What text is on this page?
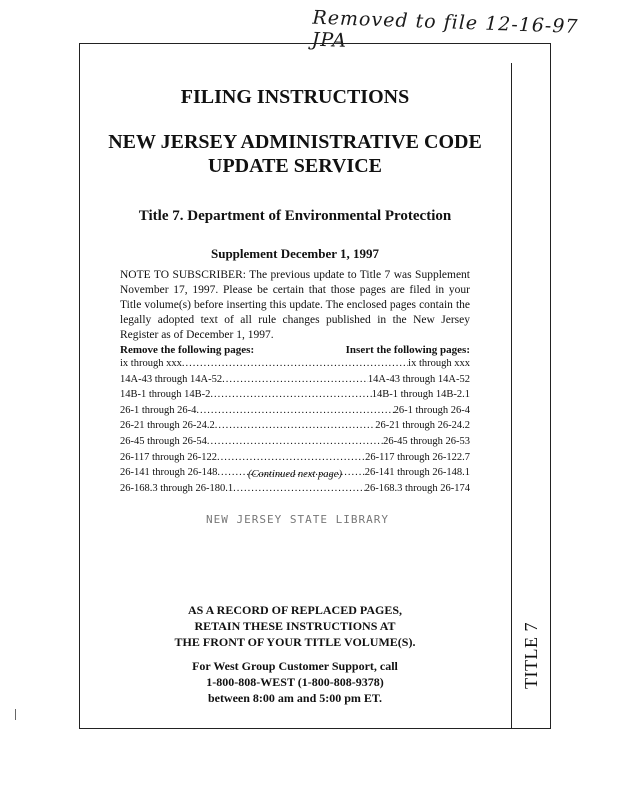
Removed to file 12-16-97 JPA
TITLE 7
FILING INSTRUCTIONS
NEW JERSEY ADMINISTRATIVE CODE
UPDATE SERVICE
Title 7. Department of Environmental Protection
Supplement December 1, 1997
NOTE TO SUBSCRIBER: The previous update to Title 7 was Supplement November 17, 1997. Please be certain that those pages are filed in your Title volume(s) before inserting this update. The enclosed pages contain the legally adopted text of all rule changes published in the New Jersey Register as of December 1, 1997.
Remove the following pages:	Insert the following pages:
ix through xxx .....	ix through xxx
14A-43 through 14A-52 .....	14A-43 through 14A-52
14B-1 through 14B-2 .....	14B-1 through 14B-2.1
26-1 through 26-4 .....	26-1 through 26-4
26-21 through 26-24.2 .....	26-21 through 26-24.2
26-45 through 26-54 .....	26-45 through 26-53
26-117 through 26-122 .....	26-117 through 26-122.7
26-141 through 26-148 .....	26-141 through 26-148.1
26-168.3 through 26-180.1 .....	26-168.3 through 26-174
(Continued next page)
NEW JERSEY STATE LIBRARY
AS A RECORD OF REPLACED PAGES,
RETAIN THESE INSTRUCTIONS AT
THE FRONT OF YOUR TITLE VOLUME(S).
For West Group Customer Support, call
1-800-808-WEST (1-800-808-9378)
between 8:00 am and 5:00 pm ET.
